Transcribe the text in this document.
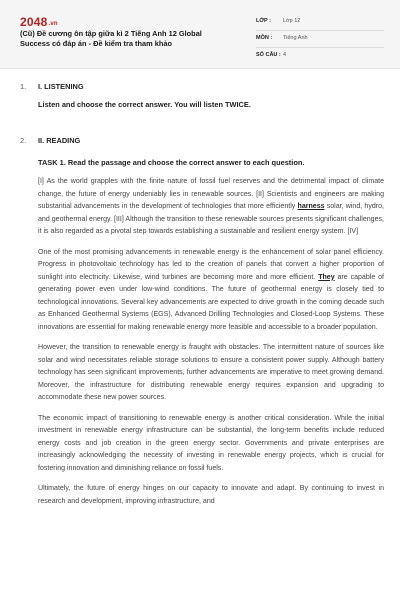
2048.vn
(Cũ) Đề cương ôn tập giữa kì 2 Tiếng Anh 12 Global Success có đáp án - Đề kiểm tra tham khảo
LỚP : Lớp 12
MÔN : Tiếng Anh
SỐ CÂU : 4
1. I. LISTENING
Listen and choose the correct answer. You will listen TWICE.
2. II. READING
TASK 1. Read the passage and choose the correct answer to each question.

[I] As the world grapples with the finite nature of fossil fuel reserves and the detrimental impact of climate change, the future of energy undeniably lies in renewable sources. [II] Scientists and engineers are making substantial advancements in the development of technologies that more efficiently harness solar, wind, hydro, and geothermal energy. [III] Although the transition to these renewable sources presents significant challenges, it is also regarded as a pivotal step towards establishing a sustainable and resilient energy system. [IV]

One of the most promising advancements in renewable energy is the enhancement of solar panel efficiency. Progress in photovoltaic technology has led to the creation of panels that convert a higher proportion of sunlight into electricity. Likewise, wind turbines are becoming more and more efficient. They are capable of generating power even under low-wind conditions. The future of geothermal energy is closely tied to technological innovations. Several key advancements are expected to drive growth in the coming decade such as Enhanced Geothermal Systems (EGS), Advanced Drilling Technologies and Closed-Loop Systems. These innovations are essential for making renewable energy more feasible and accessible to a broader population.

However, the transition to renewable energy is fraught with obstacles. The intermittent nature of sources like solar and wind necessitates reliable storage solutions to ensure a consistent power supply. Although battery technology has seen significant improvements, further advancements are imperative to meet growing demand. Moreover, the infrastructure for distributing renewable energy requires expansion and upgrading to accommodate these new power sources.

The economic impact of transitioning to renewable energy is another critical consideration. While the initial investment in renewable energy infrastructure can be substantial, the long-term benefits include reduced energy costs and job creation in the green energy sector. Governments and private enterprises are increasingly acknowledging the necessity of investing in renewable energy projects, which is crucial for fostering innovation and diminishing reliance on fossil fuels.

Ultimately, the future of energy hinges on our capacity to innovate and adapt. By continuing to invest in research and development, improving infrastructure, and
